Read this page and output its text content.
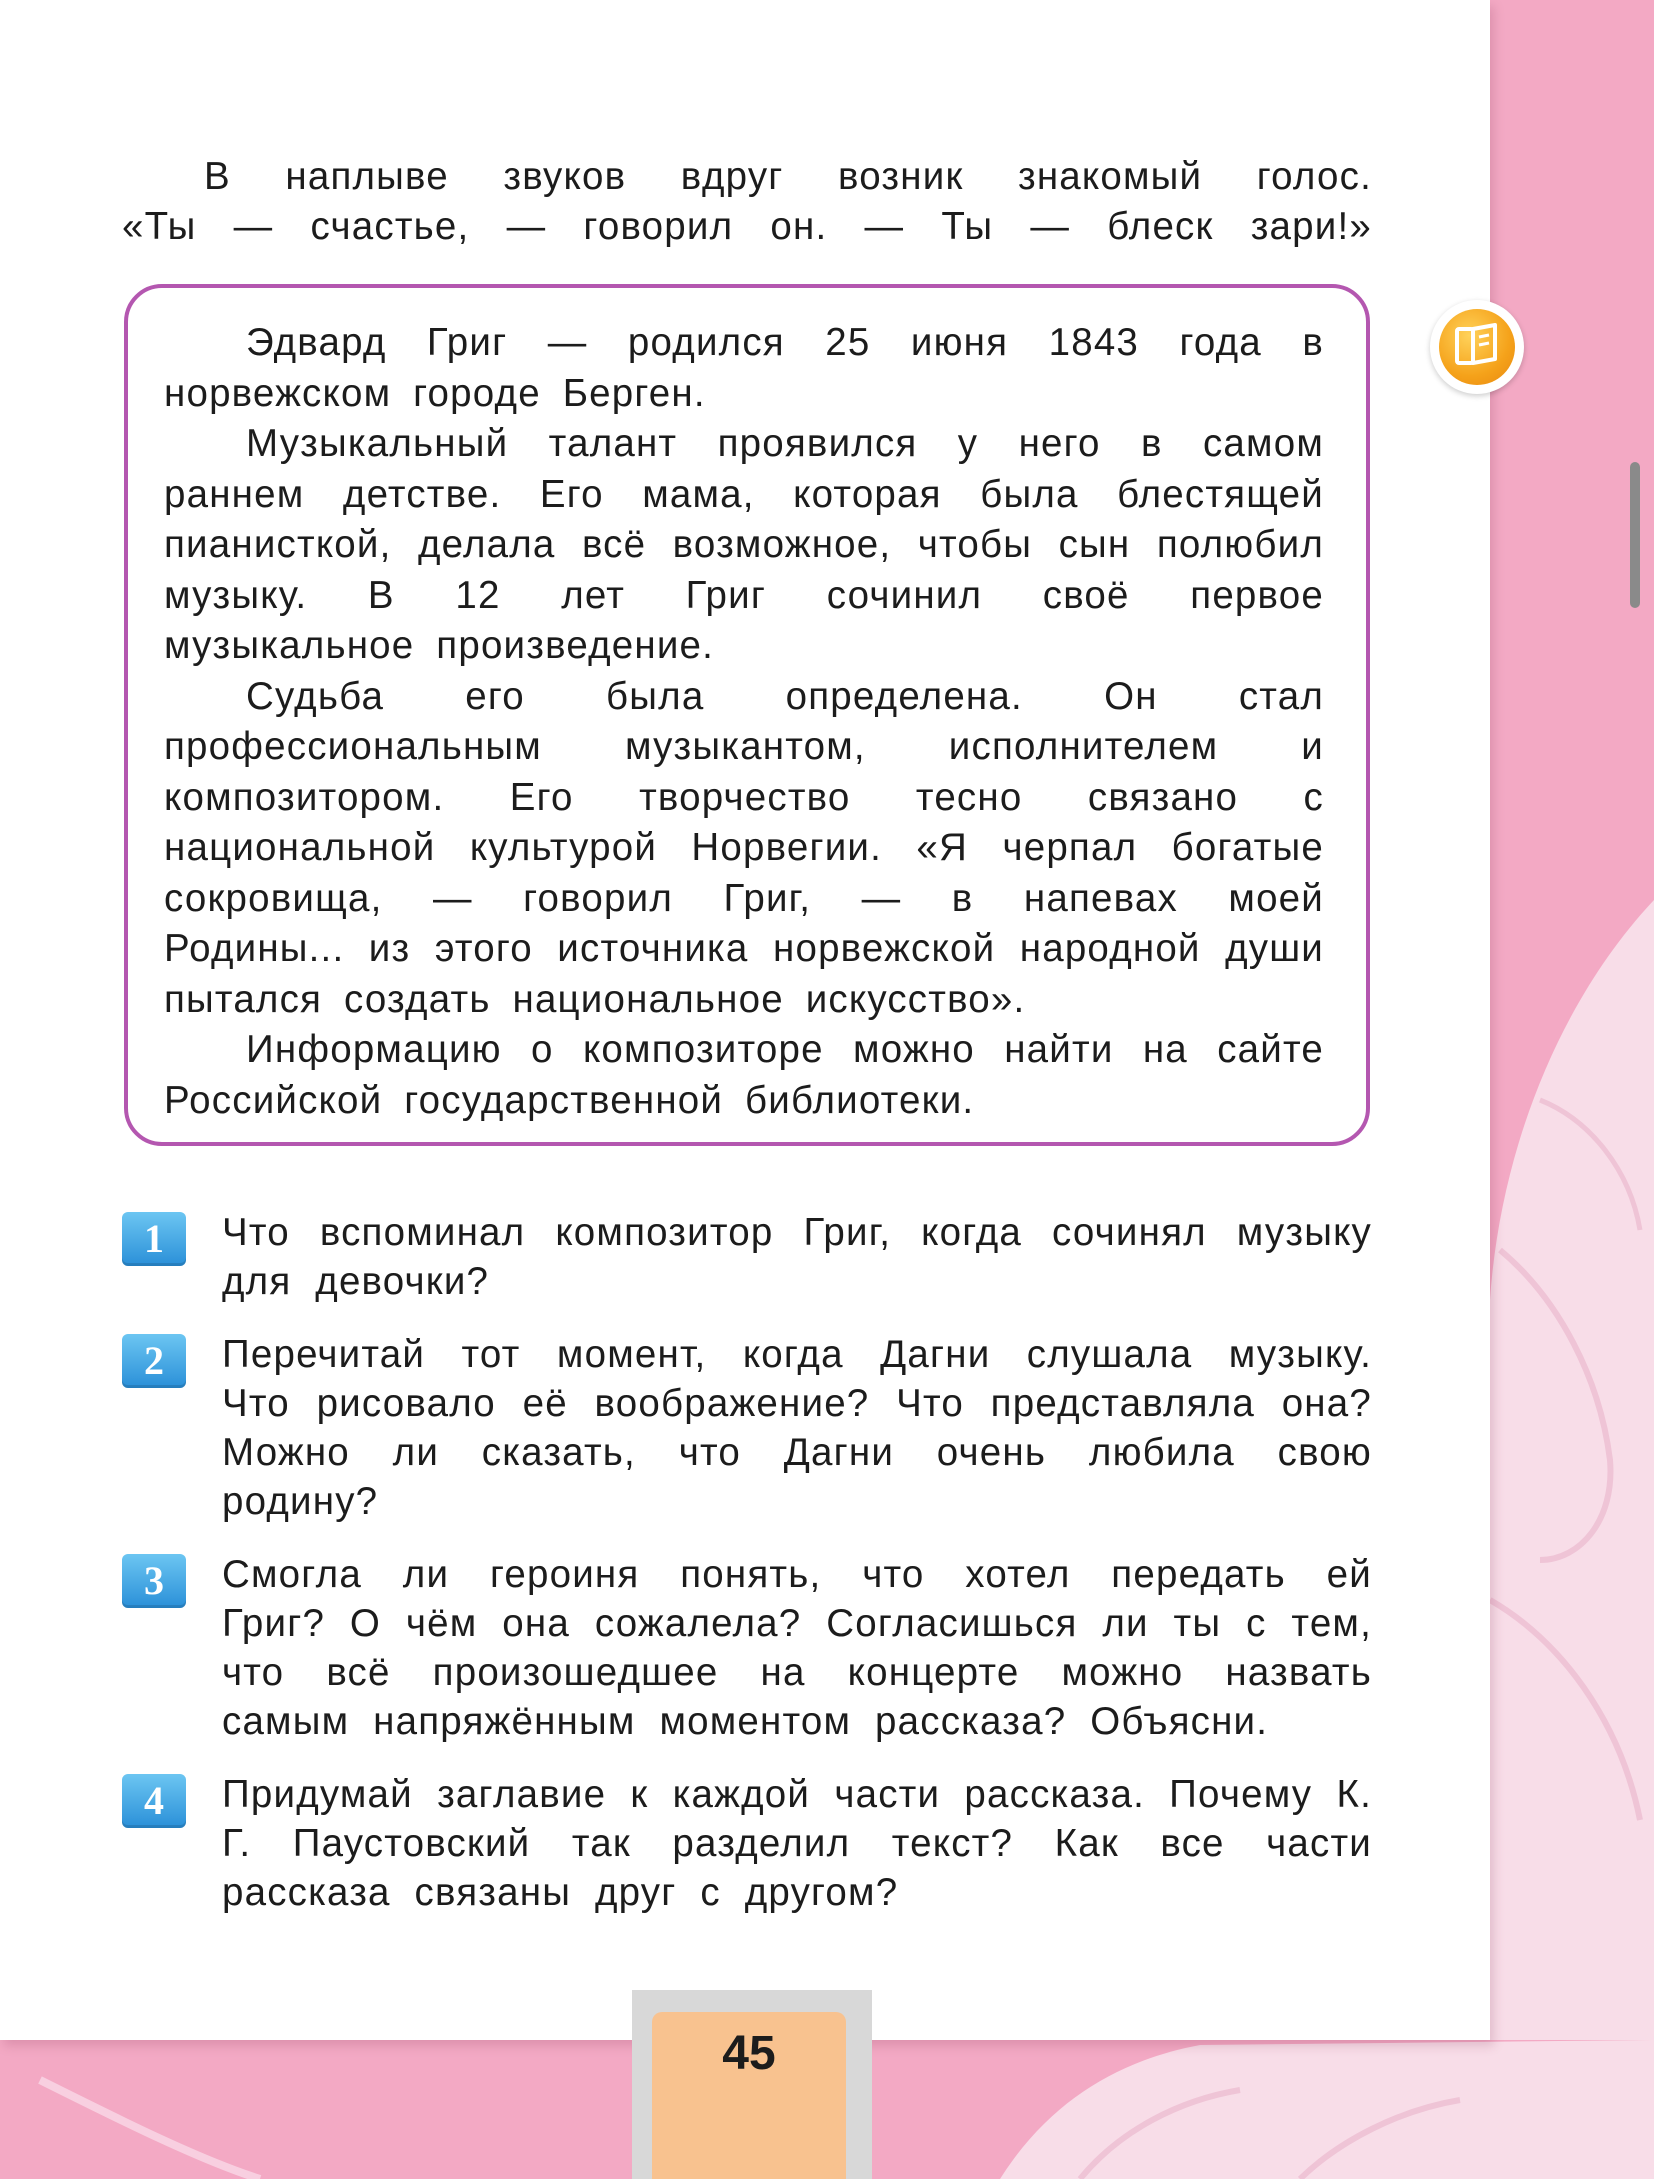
В наплыве звуков вдруг возник знакомый голос.

«Ты — счастье, — говорил он. — Ты — блеск зари!»

Эдвард Григ — родился 25 июня 1843 года в норвежском городе Берген.

Музыкальный талант проявился у него в самом раннем детстве. Его мама, которая была блестящей пианисткой, делала всё возможное, чтобы сын полюбил музыку. В 12 лет Григ сочинил своё первое музыкальное произведение.

Судьба его была определена. Он стал профессиональным музыкантом, исполнителем и композитором. Его творчество тесно связано с национальной культурой Норвегии. «Я черпал богатые сокровища, — говорил Григ, — в напевах моей Родины... из этого источника норвежской народной души пытался создать национальное искусство».

Информацию о композиторе можно найти на сайте Российской государственной библиотеки.

1	Что вспоминал композитор Григ, когда сочинял музыку для девочки?
2	Перечитай тот момент, когда Дагни слушала музыку. Что рисовало её воображение? Что представляла она? Можно ли сказать, что Дагни очень любила свою родину?
3	Смогла ли героиня понять, что хотел передать ей Григ? О чём она сожалела? Согласишься ли ты с тем, что всё произошедшее на концерте можно назвать самым напряжённым моментом рассказа? Объясни.
4	Придумай заглавие к каждой части рассказа. Почему К. Г. Паустовский так разделил текст? Как все части рассказа связаны друг с другом?
45
